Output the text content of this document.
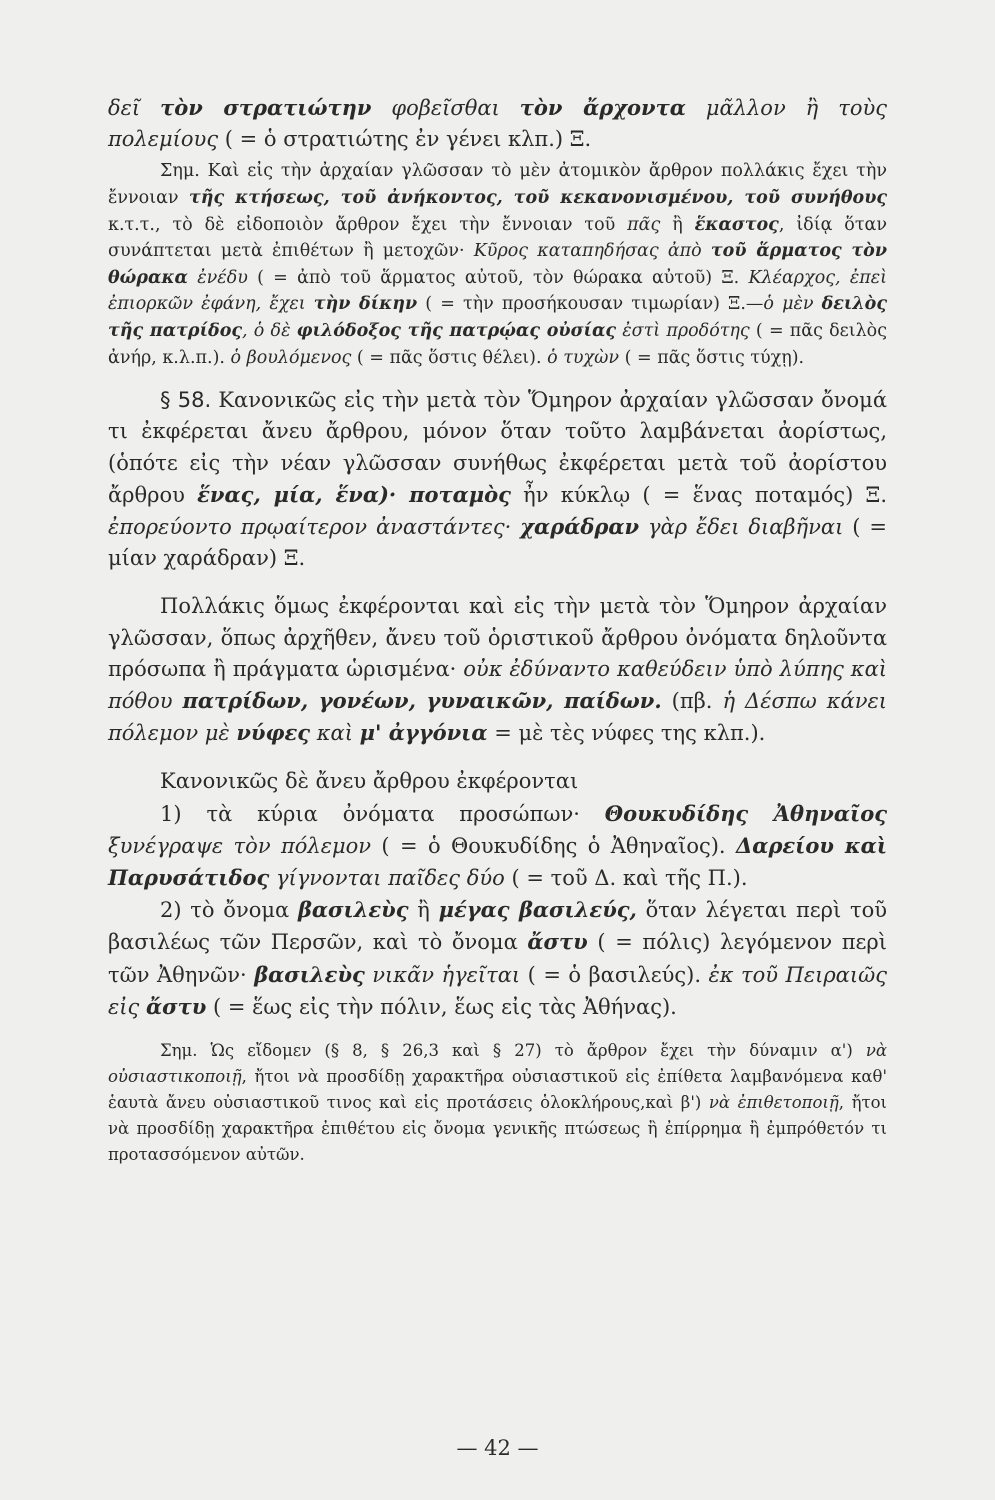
δεῖ τὸν στρατιώτην φοβεῖσθαι τὸν ἄρχοντα μᾶλλον ἢ τοὺς πολεμίους ( = ὁ στρατιώτης ἐν γένει κλπ.) Ξ.

Σημ. Καὶ εἰς τὴν ἀρχαίαν γλῶσσαν τὸ μὲν ἀτομικὸν ἄρθρον πολλάκις ἔχει τὴν ἔννοιαν τῆς κτήσεως, τοῦ ἀνήκοντος, τοῦ κεκανονισμένου, τοῦ συνήθους κ.τ.τ., τὸ δὲ εἰδοποιὸν ἄρθρον ἔχει τὴν ἔννοιαν τοῦ πᾶς ἢ ἕκαστος, ἰδίᾳ ὅταν συνάπτεται μετὰ ἐπιθέτων ἢ μετοχῶν· Κῦρος καταπηδήσας ἀπὸ τοῦ ἅρματος τὸν θώρακα ἐνέδυ ( = ἀπὸ τοῦ ἅρματος αὐτοῦ, τὸν θώρακα αὐτοῦ) Ξ. Κλέαρχος, ἐπεὶ ἐπιορκῶν ἐφάνη, ἔχει τὴν δίκην ( = τὴν προσήκουσαν τιμωρίαν) Ξ.—ὁ μὲν δειλὸς τῆς πατρίδος, ὁ δὲ φιλόδοξος τῆς πατρῴας οὐσίας ἐστὶ προδότης ( = πᾶς δειλὸς ἀνήρ, κ.λ.π.). ὁ βουλόμενος ( = πᾶς ὅστις θέλει). ὁ τυχὼν ( = πᾶς ὅστις τύχῃ).

§ 58. Κανονικῶς εἰς τὴν μετὰ τὸν Ὅμηρον ἀρχαίαν γλῶσσαν ὄνομά τι ἐκφέρεται ἄνευ ἄρθρου, μόνον ὅταν τοῦτο λαμβάνεται ἀορίστως, (ὁπότε εἰς τὴν νέαν γλῶσσαν συνήθως ἐκφέρεται μετὰ τοῦ ἀορίστου ἄρθρου ἕνας, μία, ἕνα)· ποταμὸς ἦν κύκλῳ ( = ἕνας ποταμός) Ξ. ἐπορεύοντο πρῳαίτερον ἀναστάντες· χαράδραν γὰρ ἔδει διαβῆναι ( = μίαν χαράδραν) Ξ.

Πολλάκις ὅμως ἐκφέρονται καὶ εἰς τὴν μετὰ τὸν Ὅμηρον ἀρχαίαν γλῶσσαν, ὅπως ἀρχῆθεν, ἄνευ τοῦ ὁριστικοῦ ἄρθρου ὀνόματα δηλοῦντα πρόσωπα ἢ πράγματα ὡρισμένα· οὐκ ἐδύναντο καθεύδειν ὑπὸ λύπης καὶ πόθου πατρίδων, γονέων, γυναικῶν, παίδων. (πβ. ἡ Δέσπω κάνει πόλεμον μὲ νύφες καὶ μ' ἀγγόνια = μὲ τὲς νύφες της κλπ.).

Κανονικῶς δὲ ἄνευ ἄρθρου ἐκφέρονται

1) τὰ κύρια ὀνόματα προσώπων· Θουκυδίδης Ἀθηναῖος ξυνέγραψε τὸν πόλεμον ( = ὁ Θουκυδίδης ὁ Ἀθηναῖος). Δαρείου καὶ Παρυσάτιδος γίγνονται παῖδες δύο ( = τοῦ Δ. καὶ τῆς Π.).

2) τὸ ὄνομα βασιλεὺς ἢ μέγας βασιλεύς, ὅταν λέγεται περὶ τοῦ βασιλέως τῶν Περσῶν, καὶ τὸ ὄνομα ἄστυ ( = πόλις) λεγόμενον περὶ τῶν Ἀθηνῶν· βασιλεὺς νικᾶν ἡγεῖται ( = ὁ βασιλεύς). ἐκ τοῦ Πειραιῶς εἰς ἄστυ ( = ἕως εἰς τὴν πόλιν, ἕως εἰς τὰς Ἀθήνας).

Σημ. Ὡς εἴδομεν (§ 8, § 26,3 καὶ § 27) τὸ ἄρθρον ἔχει τὴν δύναμιν α') νὰ οὐσιαστικοποιῇ, ἤτοι νὰ προσδίδῃ χαρακτῆρα οὐσιαστικοῦ εἰς ἐπίθετα λαμβανόμενα καθ' ἑαυτὰ ἄνευ οὐσιαστικοῦ τινος καὶ εἰς προτάσεις ὁλοκλήρους,καὶ β') νὰ ἐπιθετοποιῇ, ἤτοι νὰ προσδίδῃ χαρακτῆρα ἐπιθέτου εἰς ὄνομα γενικῆς πτώσεως ἢ ἐπίρρημα ἢ ἐμπρόθετόν τι προτασσόμενον αὐτῶν.

— 42 —
